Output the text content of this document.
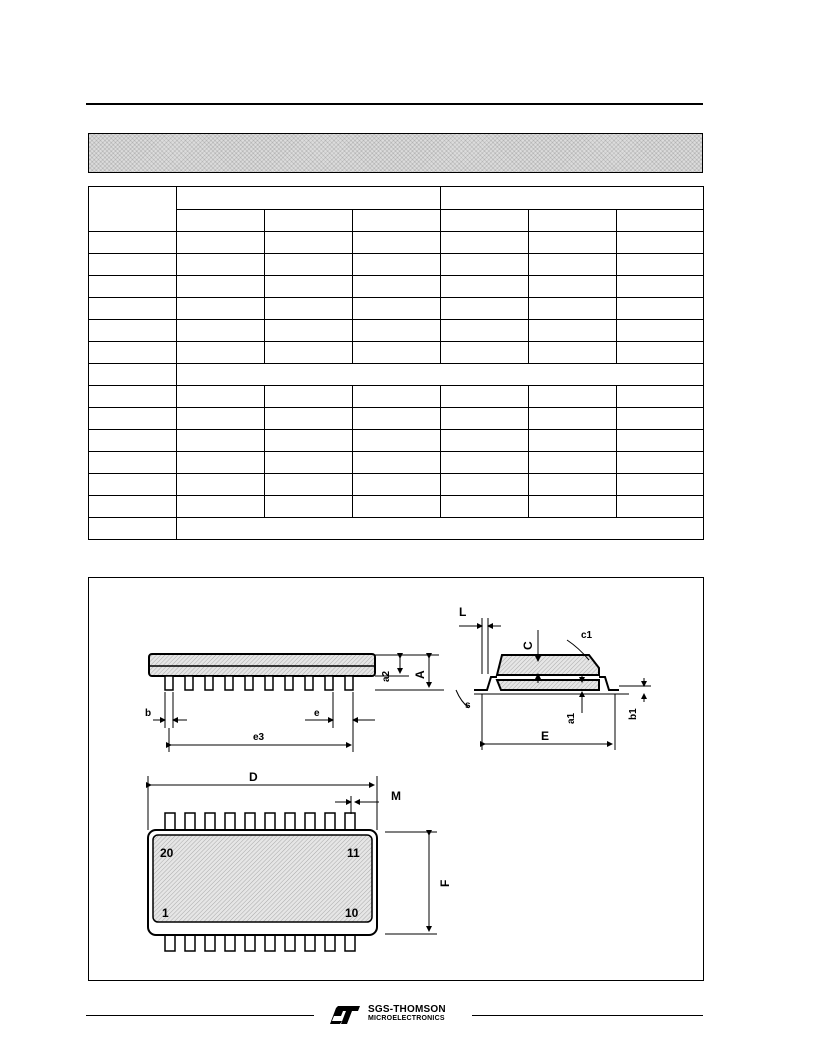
a2 A
b	e
e3
L
C
c1
a1	b1
s
E
20	11
1	10
D
M
F
SGS-THOMSON
MICROELECTRONICS
